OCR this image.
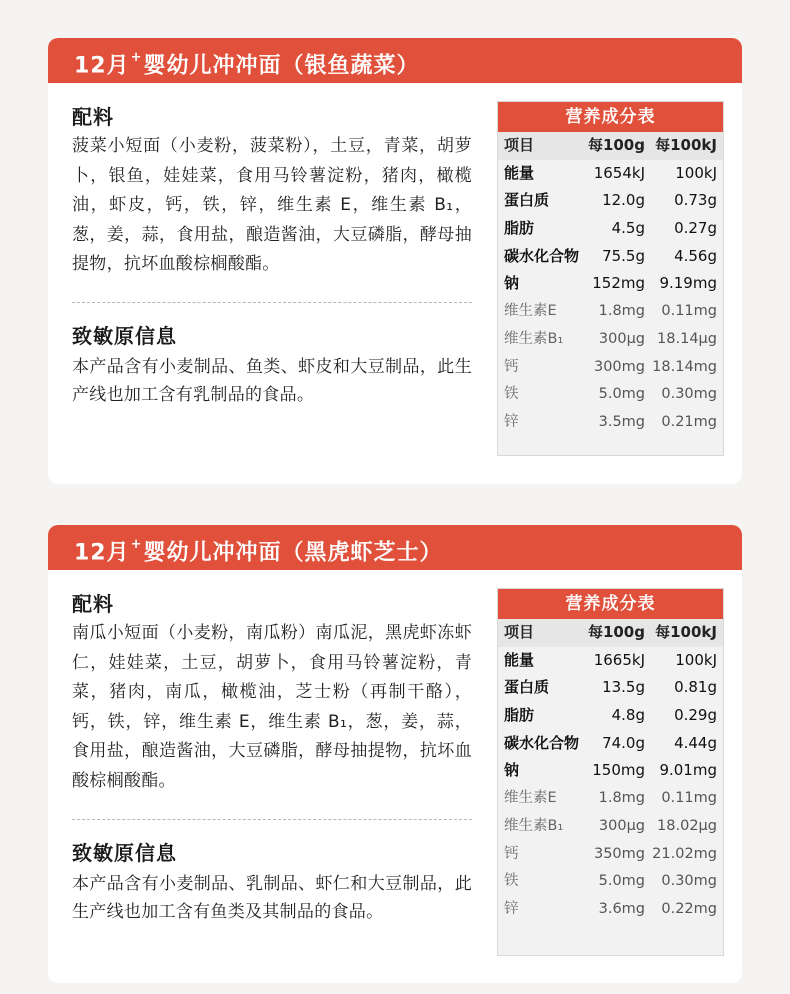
12月+婴幼儿冲冲面（银鱼蔬菜）
配料
菠菜小短面（小麦粉，菠菜粉），土豆，青菜，胡萝卜，银鱼，娃娃菜，食用马铃薯淀粉，猪肉，橄榄油，虾皮，钙，铁，锌，维生素 E，维生素 B₁，葱，姜，蒜，食用盐，酿造酱油，大豆磷脂，酵母抽提物，抗坏血酸棕榈酸酯。
致敏原信息
本产品含有小麦制品、鱼类、虾皮和大豆制品，此生产线也加工含有乳制品的食品。
营养成分表
项目	每100g 每100kJ
能量	1654kJ 100kJ
蛋白质	12.0g 0.73g
脂肪	4.5g 0.27g
碳水化合物 75.5g 4.56g
钠	152mg 9.19mg
维生素E	1.8mg 0.11mg
维生素B₁ 300μg 18.14μg
钙	300mg 18.14mg
铁	5.0mg 0.30mg
锌	3.5mg 0.21mg
12月+婴幼儿冲冲面（黑虎虾芝士）
配料
南瓜小短面（小麦粉，南瓜粉）南瓜泥，黑虎虾冻虾仁，娃娃菜，土豆，胡萝卜，食用马铃薯淀粉，青菜，猪肉，南瓜，橄榄油，芝士粉（再制干酪），钙，铁，锌，维生素 E，维生素 B₁，葱，姜，蒜，食用盐，酿造酱油，大豆磷脂，酵母抽提物，抗坏血酸棕榈酸酯。
致敏原信息
本产品含有小麦制品、乳制品、虾仁和大豆制品，此生产线也加工含有鱼类及其制品的食品。
营养成分表
项目	每100g 每100kJ
能量	1665kJ 100kJ
蛋白质	13.5g 0.81g
脂肪	4.8g 0.29g
碳水化合物 74.0g 4.44g
钠	150mg 9.01mg
维生素E	1.8mg 0.11mg
维生素B₁ 300μg 18.02μg
钙	350mg 21.02mg
铁	5.0mg 0.30mg
锌	3.6mg 0.22mg
